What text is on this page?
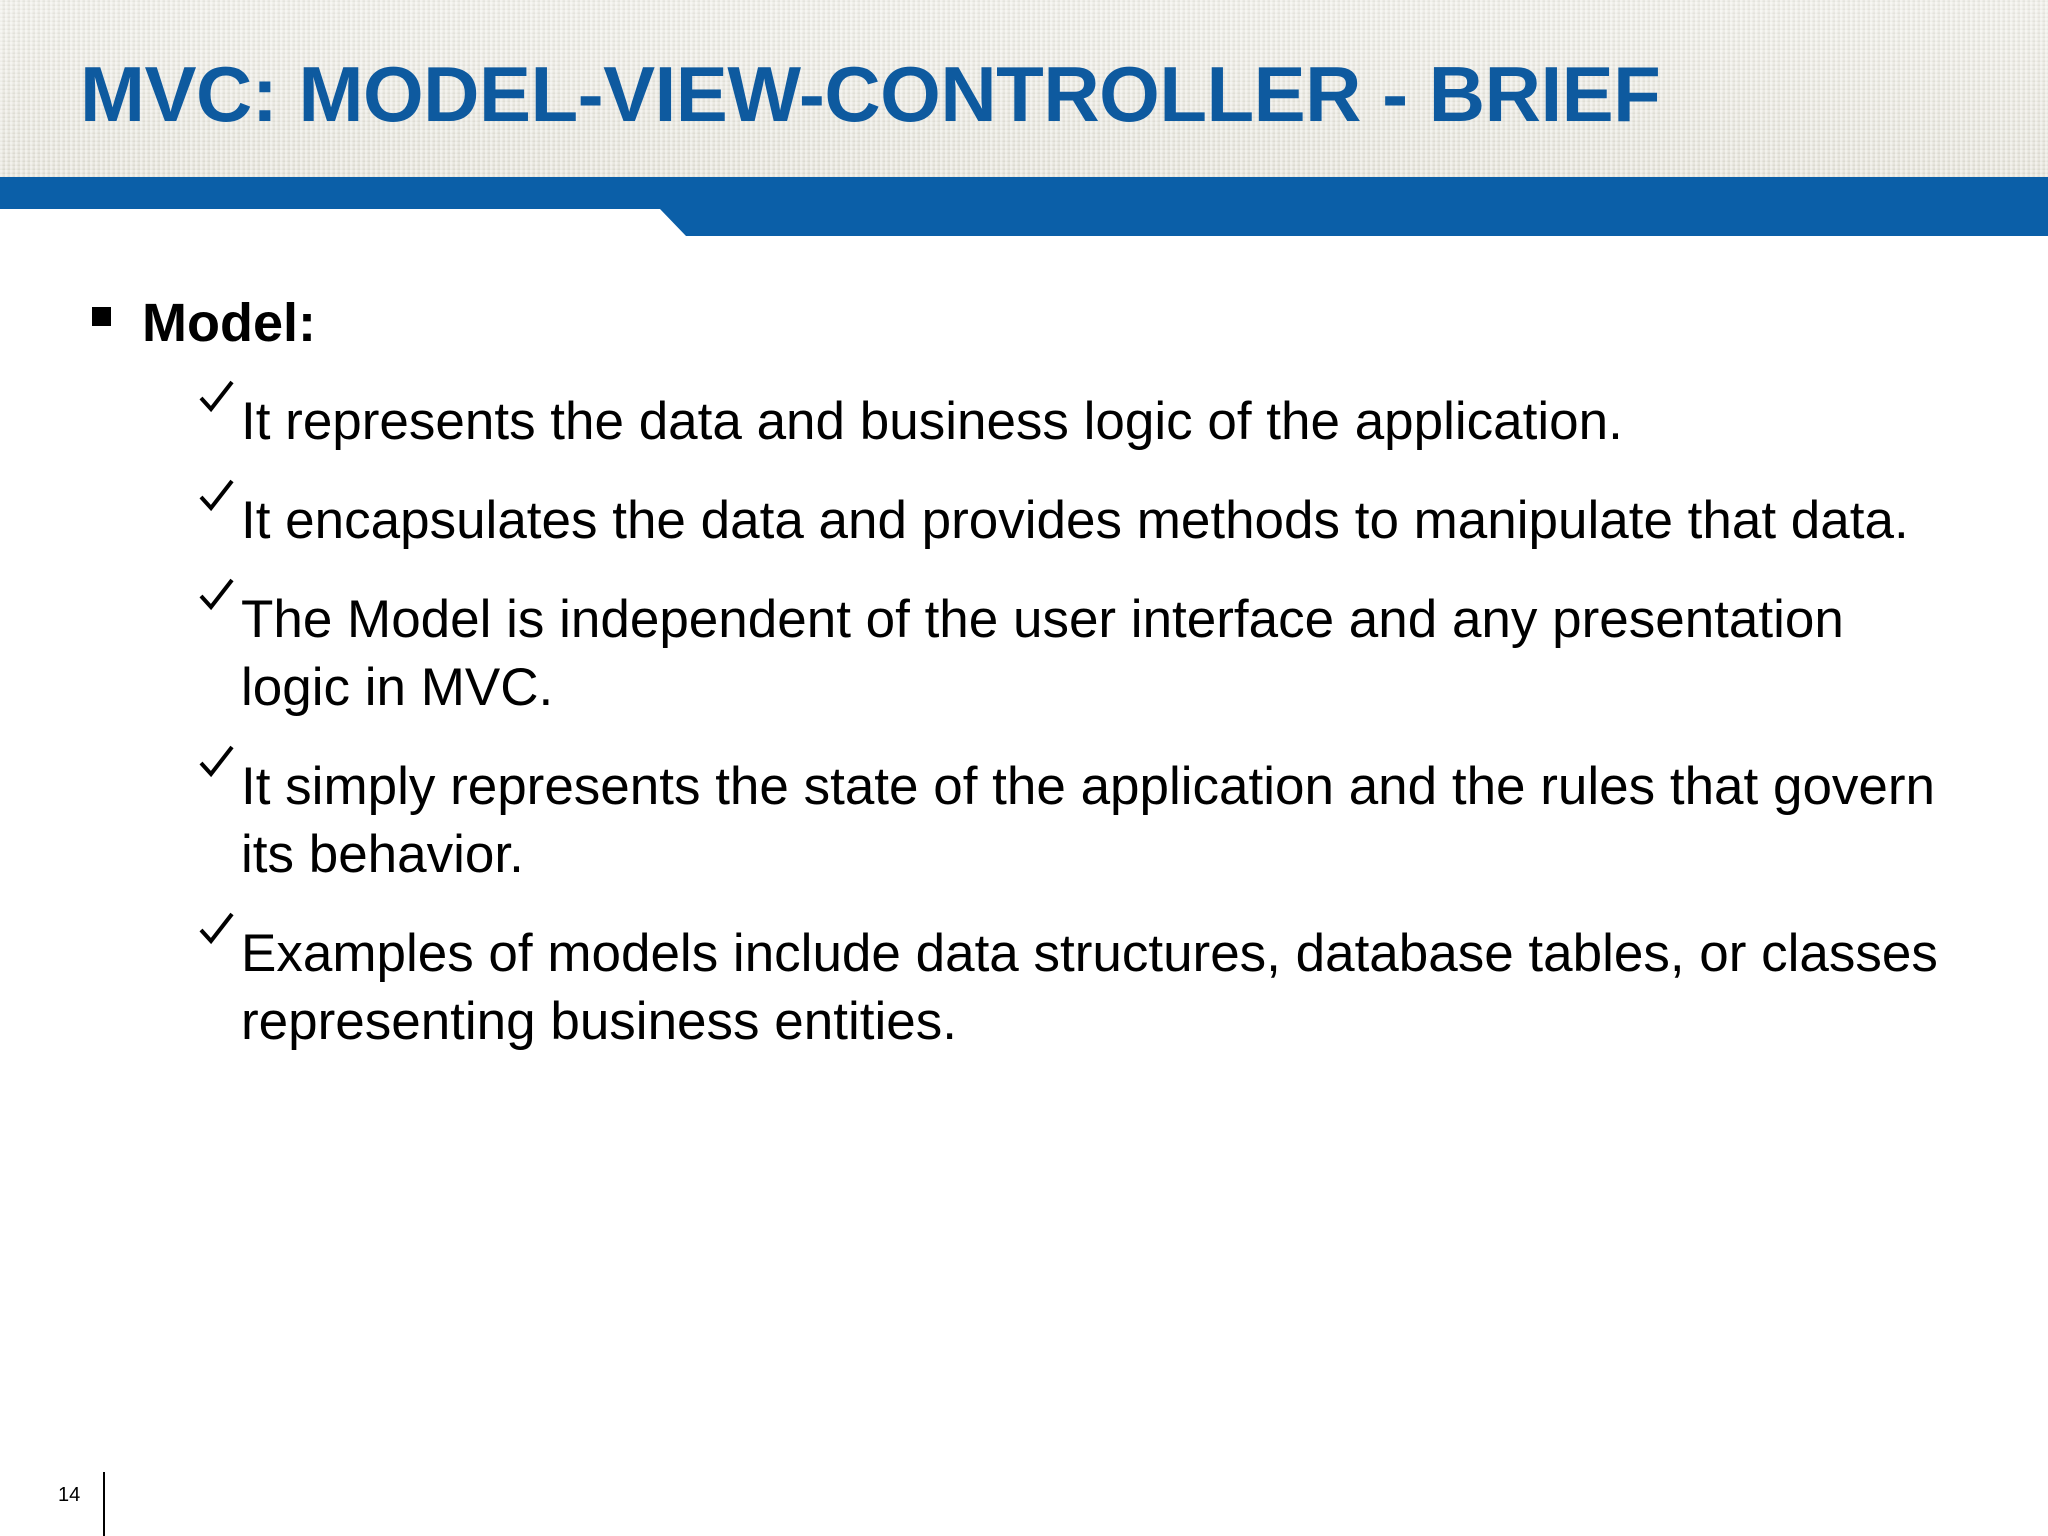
MVC: MODEL-VIEW-CONTROLLER - BRIEF
Model:
It represents the data and business logic of the application.
It encapsulates the data and provides methods to manipulate that data.
The Model is independent of the user interface and any presentation logic in MVC.
It simply represents the state of the application and the rules that govern its behavior.
Examples of models include data structures, database tables, or classes representing business entities.
14
